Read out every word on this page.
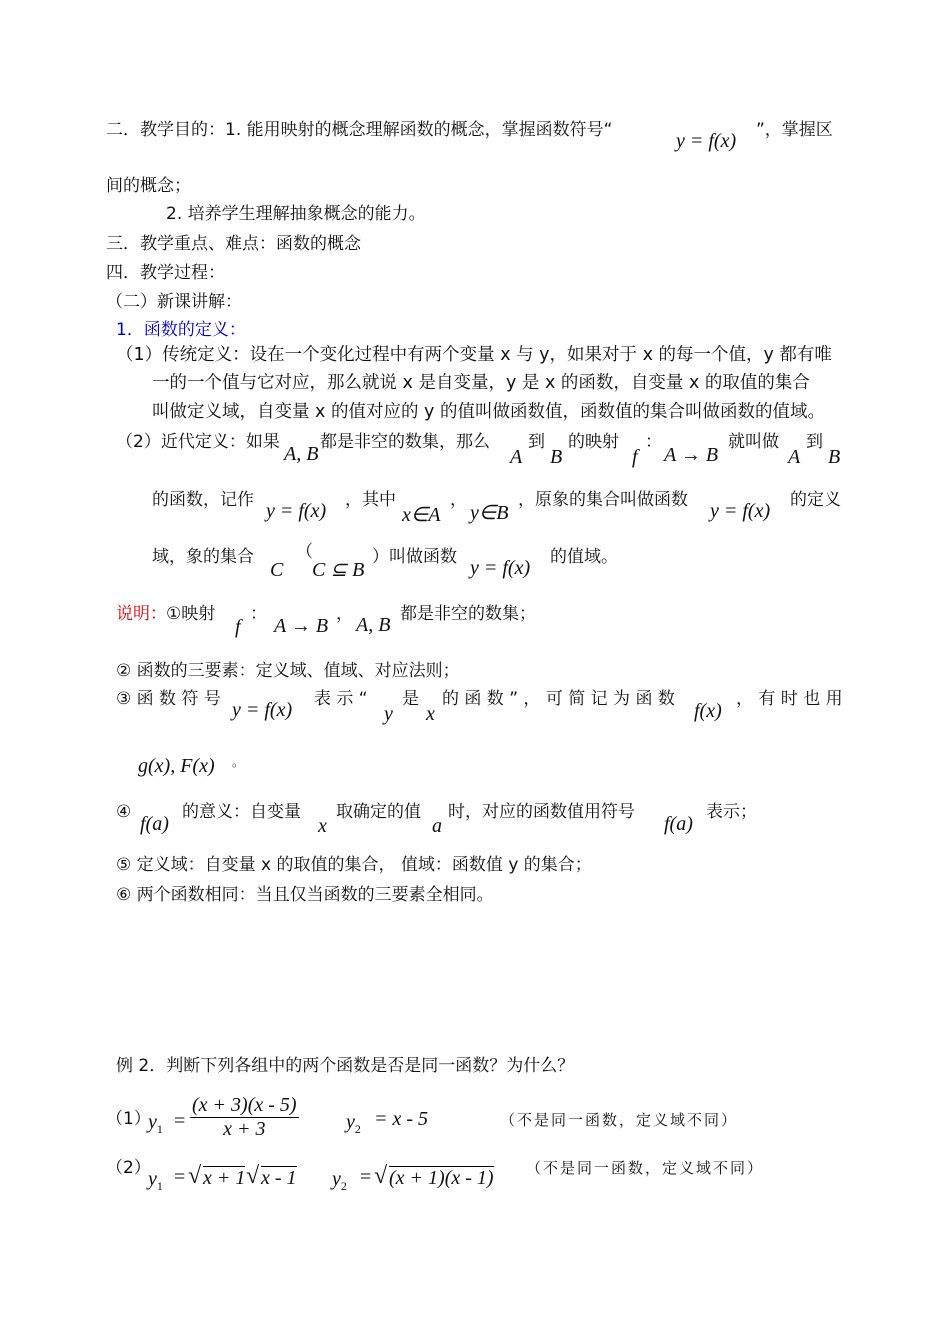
二．教学目的：1. 能用映射的概念理解函数的概念，掌握函数符号“	y = f(x) ”，掌握区
间的概念；
2. 培养学生理解抽象概念的能力。
三．教学重点、难点：函数的概念
四．教学过程：
（二）新课讲解：
1．函数的定义：
（1）传统定义：设在一个变化过程中有两个变量 x 与 y，如果对于 x 的每一个值，y 都有唯
一的一个值与它对应，那么就说 x 是自变量，y 是 x 的函数，自变量 x 的取值的集合
叫做定义域，自变量 x 的值对应的 y 的值叫做函数值，函数值的集合叫做函数的值域。
（2）近代定义：如果
A, B
都是非空的数集，那么
A
到
B
的映射
f
：
A → B
就叫做
A
到
B
的函数，记作 y = f(x) ，其中
x∈A
，
y∈B
，原象的集合叫做函数 y = f(x) 的定义
域，象的集合
C
（
C ⊆ B
）叫做函数 y = f(x) 的值域。
说明： ①映射
f
：
A → B
， A, B 都是非空的数集；
② 函数的三要素：定义域、值域、对应法则；
③ 函 数 符 号 y = f(x) 表 示 “
y
是
x
的 函 数 ” ， 可 简 记 为 函 数
f(x)
， 有 时 也 用
g(x), F(x) 。
④
f(a)
的意义：自变量
x
取确定的值
a
时，对应的函数值用符号
f(a)
表示；
⑤ 定义域：自变量 x 的取值的集合， 值域：函数值 y 的集合；
⑥ 两个函数相同：当且仅当函数的三要素全相同。
例 2．判断下列各组中的两个函数是否是同一函数？为什么？
（1）
$y_1 = \frac{(x + 3)(x - 5)}{x + 3} y_2 = x - 5$	（不是同一函数，定义域不同）
（2）
$y_1$ = √ x + 1 √ x - 1 $y_2$ = √ (x + 1)(x - 1) （不是同一函数，定义域不同）
